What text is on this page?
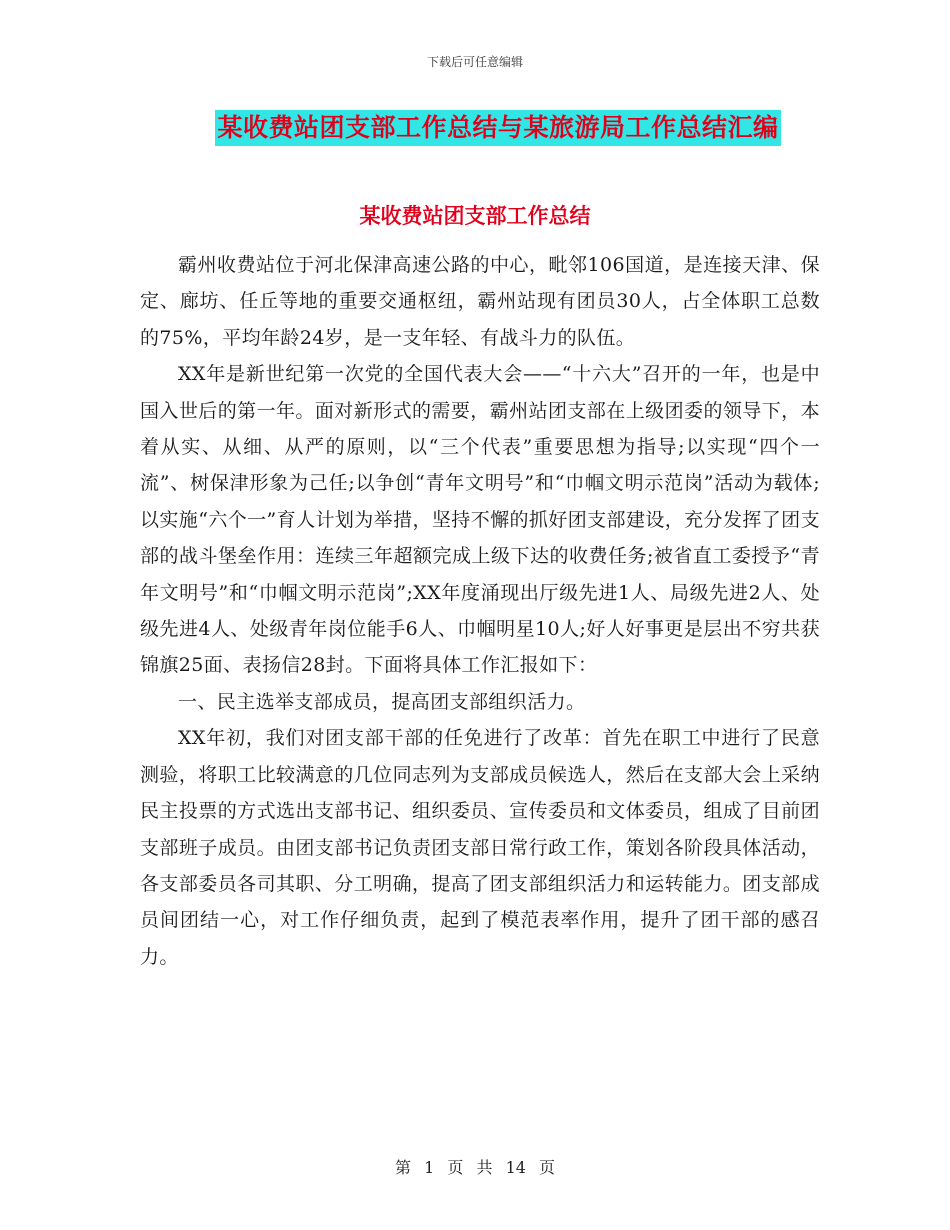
下载后可任意编辑
某收费站团支部工作总结与某旅游局工作总结汇编
某收费站团支部工作总结

霸州收费站位于河北保津高速公路的中心，毗邻106国道，是连接天津、保定、廊坊、任丘等地的重要交通枢纽，霸州站现有团员30人，占全体职工总数的75%，平均年龄24岁，是一支年轻、有战斗力的队伍。

XX年是新世纪第一次党的全国代表大会——“十六大”召开的一年，也是中国入世后的第一年。面对新形式的需要，霸州站团支部在上级团委的领导下，本着从实、从细、从严的原则，以“三个代表”重要思想为指导;以实现“四个一流”、树保津形象为己任;以争创“青年文明号”和“巾帼文明示范岗”活动为载体;以实施“六个一”育人计划为举措，坚持不懈的抓好团支部建设，充分发挥了团支部的战斗堡垒作用：连续三年超额完成上级下达的收费任务;被省直工委授予“青年文明号”和“巾帼文明示范岗”;XX年度涌现出厅级先进1人、局级先进2人、处级先进4人、处级青年岗位能手6人、巾帼明星10人;好人好事更是层出不穷共获锦旗25面、表扬信28封。下面将具体工作汇报如下：

一、民主选举支部成员，提高团支部组织活力。

XX年初，我们对团支部干部的任免进行了改革：首先在职工中进行了民意测验，将职工比较满意的几位同志列为支部成员候选人，然后在支部大会上采纳民主投票的方式选出支部书记、组织委员、宣传委员和文体委员，组成了目前团支部班子成员。由团支部书记负责团支部日常行政工作，策划各阶段具体活动，各支部委员各司其职、分工明确，提高了团支部组织活力和运转能力。团支部成员间团结一心，对工作仔细负责，起到了模范表率作用，提升了团干部的感召力。

第 1 页 共 14 页
